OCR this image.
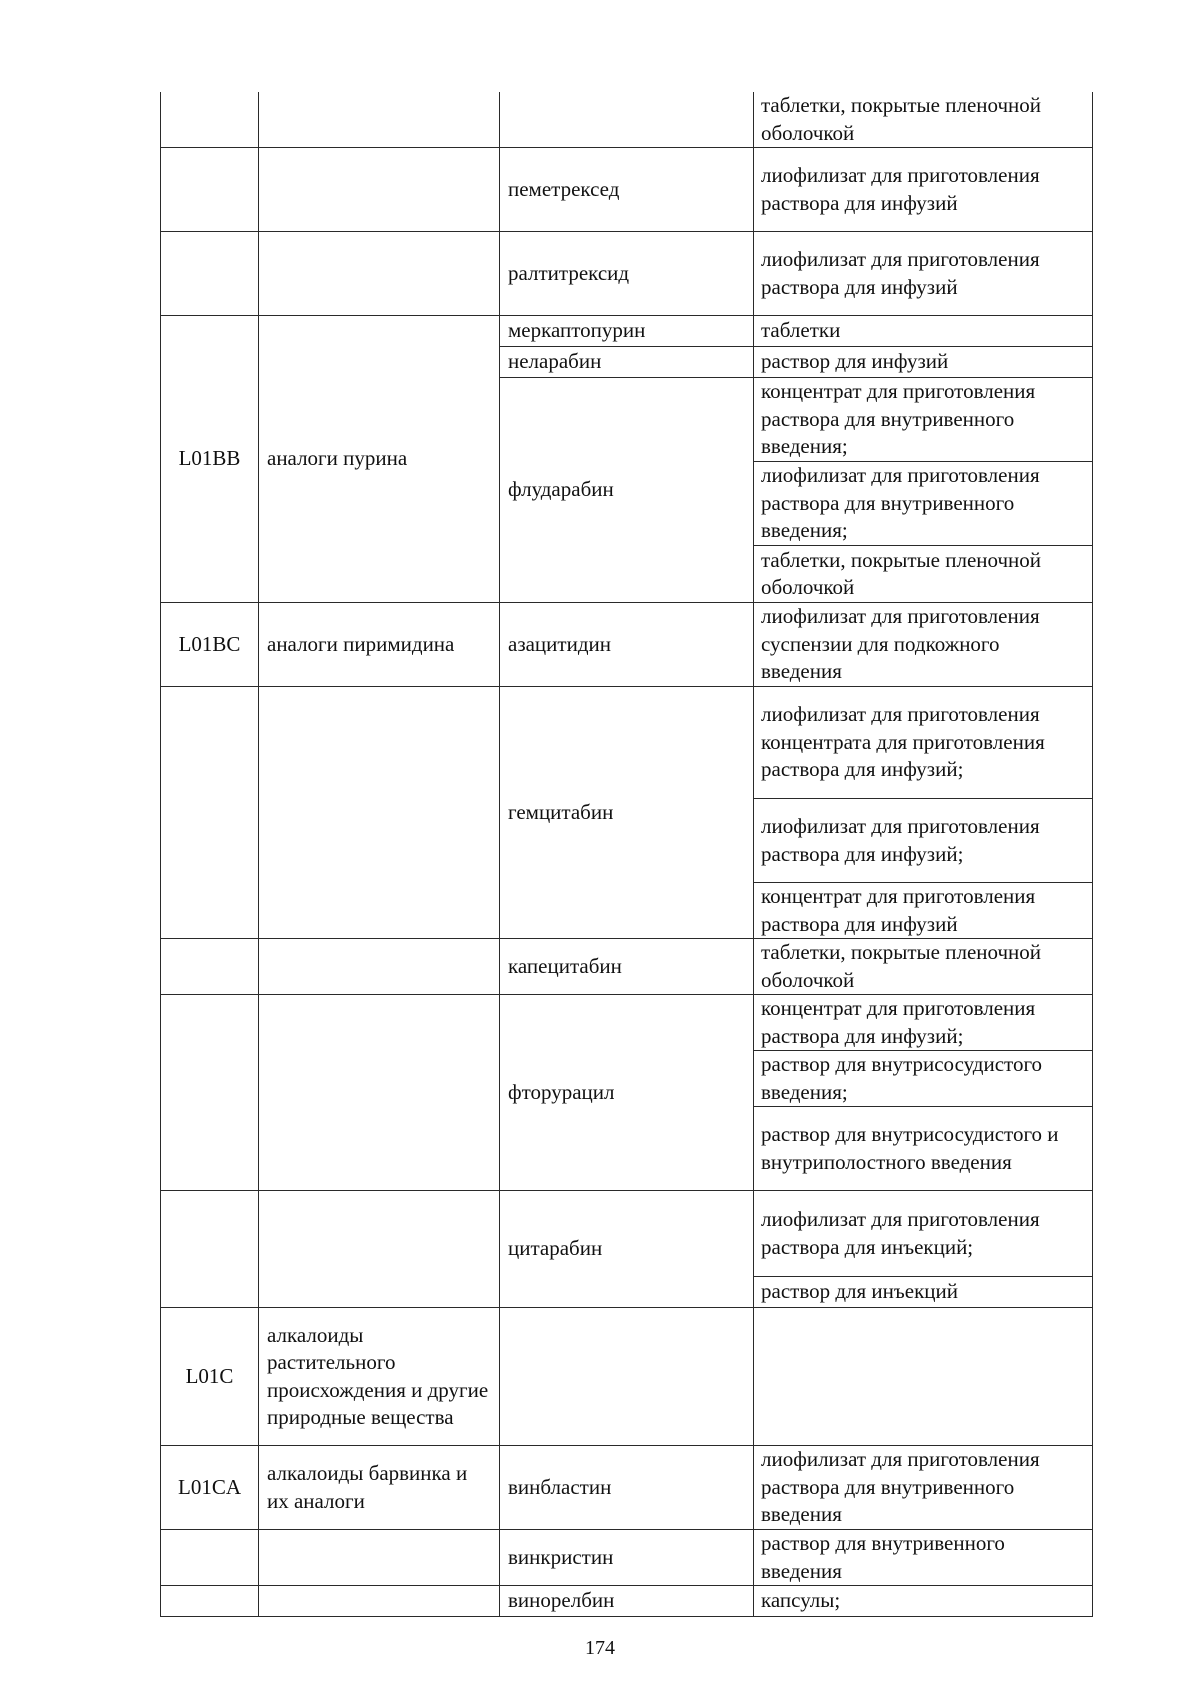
			таблетки, покрытые пленочной оболочкой
		пеметрексед	лиофилизат для приготовления раствора для инфузий
		ралтитрексид	лиофилизат для приготовления раствора для инфузий
L01BB	аналоги пурина	меркаптопурин	таблетки
		неларабин	раствор для инфузий
		флударабин	концентрат для приготовления раствора для внутривенного введения;
			лиофилизат для приготовления раствора для внутривенного введения;
			таблетки, покрытые пленочной оболочкой
L01BC	аналоги пиримидина	азацитидин	лиофилизат для приготовления суспензии для подкожного введения
		гемцитабин	лиофилизат для приготовления концентрата для приготовления раствора для инфузий;
			лиофилизат для приготовления раствора для инфузий;
			концентрат для приготовления раствора для инфузий
		капецитабин	таблетки, покрытые пленочной оболочкой
		фторурацил	концентрат для приготовления раствора для инфузий;
			раствор для внутрисосудистого введения;
			раствор для внутрисосудистого и внутриполостного введения
		цитарабин	лиофилизат для приготовления раствора для инъекций;
			раствор для инъекций
L01C	алкалоиды растительного происхождения и другие природные вещества		
L01CA	алкалоиды барвинка и их аналоги	винбластин	лиофилизат для приготовления раствора для внутривенного введения
		винкристин	раствор для внутривенного введения
		винорелбин	капсулы;
174
